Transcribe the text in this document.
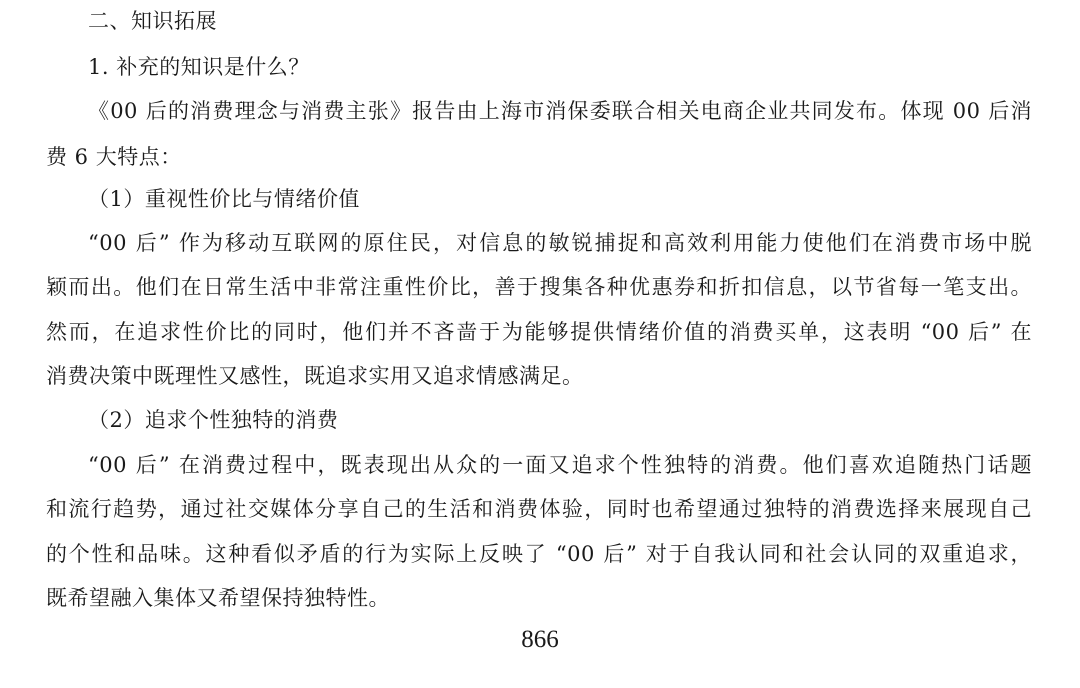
二、知识拓展
1. 补充的知识是什么？
《00 后的消费理念与消费主张》报告由上海市消保委联合相关电商企业共同发布。体现 00 后消
费 6 大特点：
（1）重视性价比与情绪价值
“00 后” 作为移动互联网的原住民，对信息的敏锐捕捉和高效利用能力使他们在消费市场中脱
颖而出。他们在日常生活中非常注重性价比，善于搜集各种优惠券和折扣信息，以节省每一笔支出。
然而，在追求性价比的同时，他们并不吝啬于为能够提供情绪价值的消费买单，这表明 “00 后” 在
消费决策中既理性又感性，既追求实用又追求情感满足。
（2）追求个性独特的消费
“00 后” 在消费过程中，既表现出从众的一面又追求个性独特的消费。他们喜欢追随热门话题
和流行趋势，通过社交媒体分享自己的生活和消费体验，同时也希望通过独特的消费选择来展现自己
的个性和品味。这种看似矛盾的行为实际上反映了 “00 后” 对于自我认同和社会认同的双重追求，
既希望融入集体又希望保持独特性。
866
